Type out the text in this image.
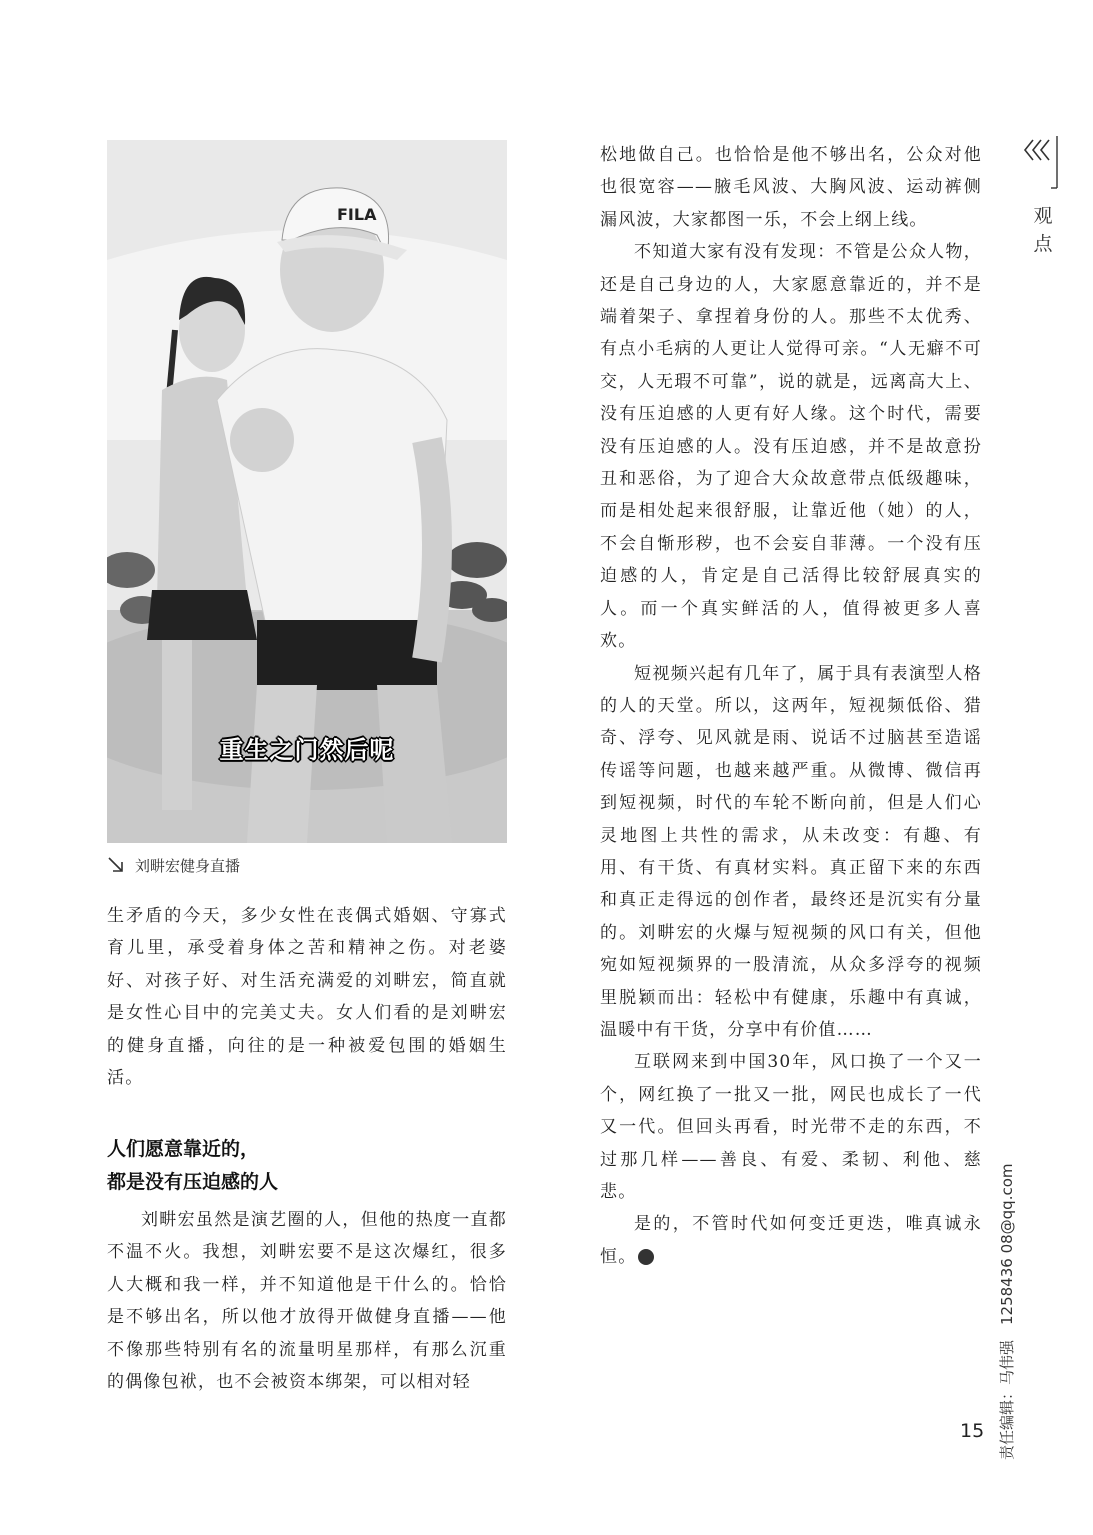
FILA
重生之门然后呢
刘畊宏健身直播

生矛盾的今天，多少女性在丧偶式婚姻、守寡式育儿里，承受着身体之苦和精神之伤。对老婆好、对孩子好、对生活充满爱的刘畊宏，简直就是女性心目中的完美丈夫。女人们看的是刘畊宏的健身直播，向往的是一种被爱包围的婚姻生活。

人们愿意靠近的，
都是没有压迫感的人

刘畊宏虽然是演艺圈的人，但他的热度一直都不温不火。我想，刘畊宏要不是这次爆红，很多人大概和我一样，并不知道他是干什么的。恰恰是不够出名，所以他才放得开做健身直播——他不像那些特别有名的流量明星那样，有那么沉重的偶像包袱，也不会被资本绑架，可以相对轻

松地做自己。也恰恰是他不够出名，公众对他也很宽容——腋毛风波、大胸风波、运动裤侧漏风波，大家都图一乐，不会上纲上线。

不知道大家有没有发现：不管是公众人物，还是自己身边的人，大家愿意靠近的，并不是端着架子、拿捏着身份的人。那些不太优秀、有点小毛病的人更让人觉得可亲。“人无癖不可交，人无瑕不可靠”，说的就是，远离高大上、没有压迫感的人更有好人缘。这个时代，需要没有压迫感的人。没有压迫感，并不是故意扮丑和恶俗，为了迎合大众故意带点低级趣味，而是相处起来很舒服，让靠近他（她）的人，不会自惭形秽，也不会妄自菲薄。一个没有压迫感的人，肯定是自己活得比较舒展真实的人。而一个真实鲜活的人，值得被更多人喜欢。

短视频兴起有几年了，属于具有表演型人格的人的天堂。所以，这两年，短视频低俗、猎奇、浮夸、见风就是雨、说话不过脑甚至造谣传谣等问题，也越来越严重。从微博、微信再到短视频，时代的车轮不断向前，但是人们心灵地图上共性的需求，从未改变：有趣、有用、有干货、有真材实料。真正留下来的东西和真正走得远的创作者，最终还是沉实有分量的。刘畊宏的火爆与短视频的风口有关，但他宛如短视频界的一股清流，从众多浮夸的视频里脱颖而出：轻松中有健康，乐趣中有真诚，温暖中有干货，分享中有价值……

互联网来到中国30年，风口换了一个又一个，网红换了一批又一批，网民也成长了一代又一代。但回头再看，时光带不走的东西，不过那几样——善良、有爱、柔韧、利他、慈悲。

是的，不管时代如何变迁更迭，唯真诚永恒。	家

观点
责任编辑：马伟强　1258436 08@qq.com
15
